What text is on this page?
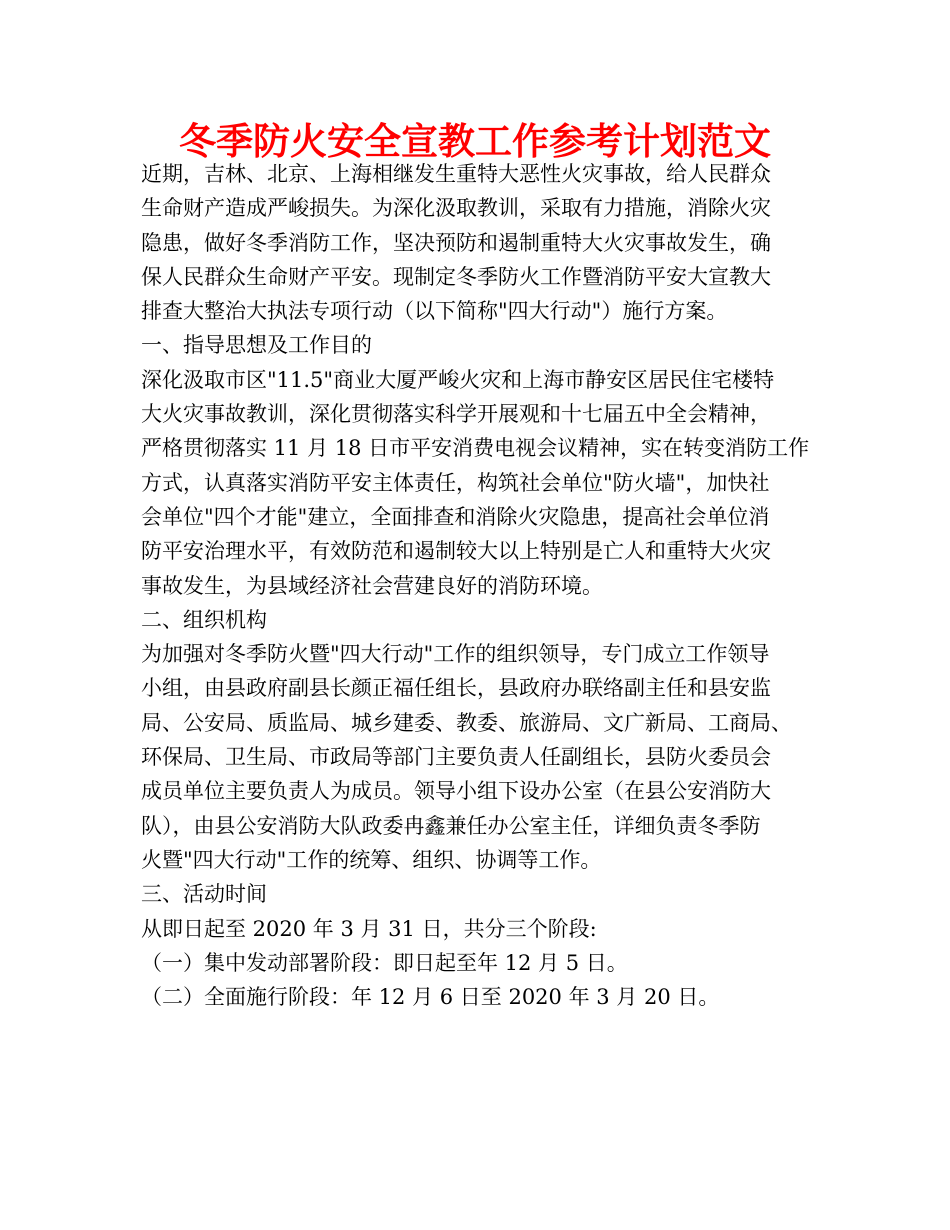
冬季防火安全宣教工作参考计划范文
近期，吉林、北京、上海相继发生重特大恶性火灾事故，给人民群众
生命财产造成严峻损失。为深化汲取教训，采取有力措施，消除火灾
隐患，做好冬季消防工作，坚决预防和遏制重特大火灾事故发生，确
保人民群众生命财产平安。现制定冬季防火工作暨消防平安大宣教大
排查大整治大执法专项行动（以下简称"四大行动"）施行方案。
一、指导思想及工作目的
深化汲取市区"11.5"商业大厦严峻火灾和上海市静安区居民住宅楼特
大火灾事故教训，深化贯彻落实科学开展观和十七届五中全会精神，
严格贯彻落实 11 月 18 日市平安消费电视会议精神，实在转变消防工作
方式，认真落实消防平安主体责任，构筑社会单位"防火墙"，加快社
会单位"四个才能"建立，全面排查和消除火灾隐患，提高社会单位消
防平安治理水平，有效防范和遏制较大以上特别是亡人和重特大火灾
事故发生，为县域经济社会营建良好的消防环境。
二、组织机构
为加强对冬季防火暨"四大行动"工作的组织领导，专门成立工作领导
小组，由县政府副县长颜正福任组长，县政府办联络副主任和县安监
局、公安局、质监局、城乡建委、教委、旅游局、文广新局、工商局、
环保局、卫生局、市政局等部门主要负责人任副组长，县防火委员会
成员单位主要负责人为成员。领导小组下设办公室（在县公安消防大
队），由县公安消防大队政委冉鑫兼任办公室主任，详细负责冬季防
火暨"四大行动"工作的统筹、组织、协调等工作。
三、活动时间
从即日起至 2020 年 3 月 31 日，共分三个阶段:
（一）集中发动部署阶段：即日起至年 12 月 5 日。
（二）全面施行阶段：年 12 月 6 日至 2020 年 3 月 20 日。
